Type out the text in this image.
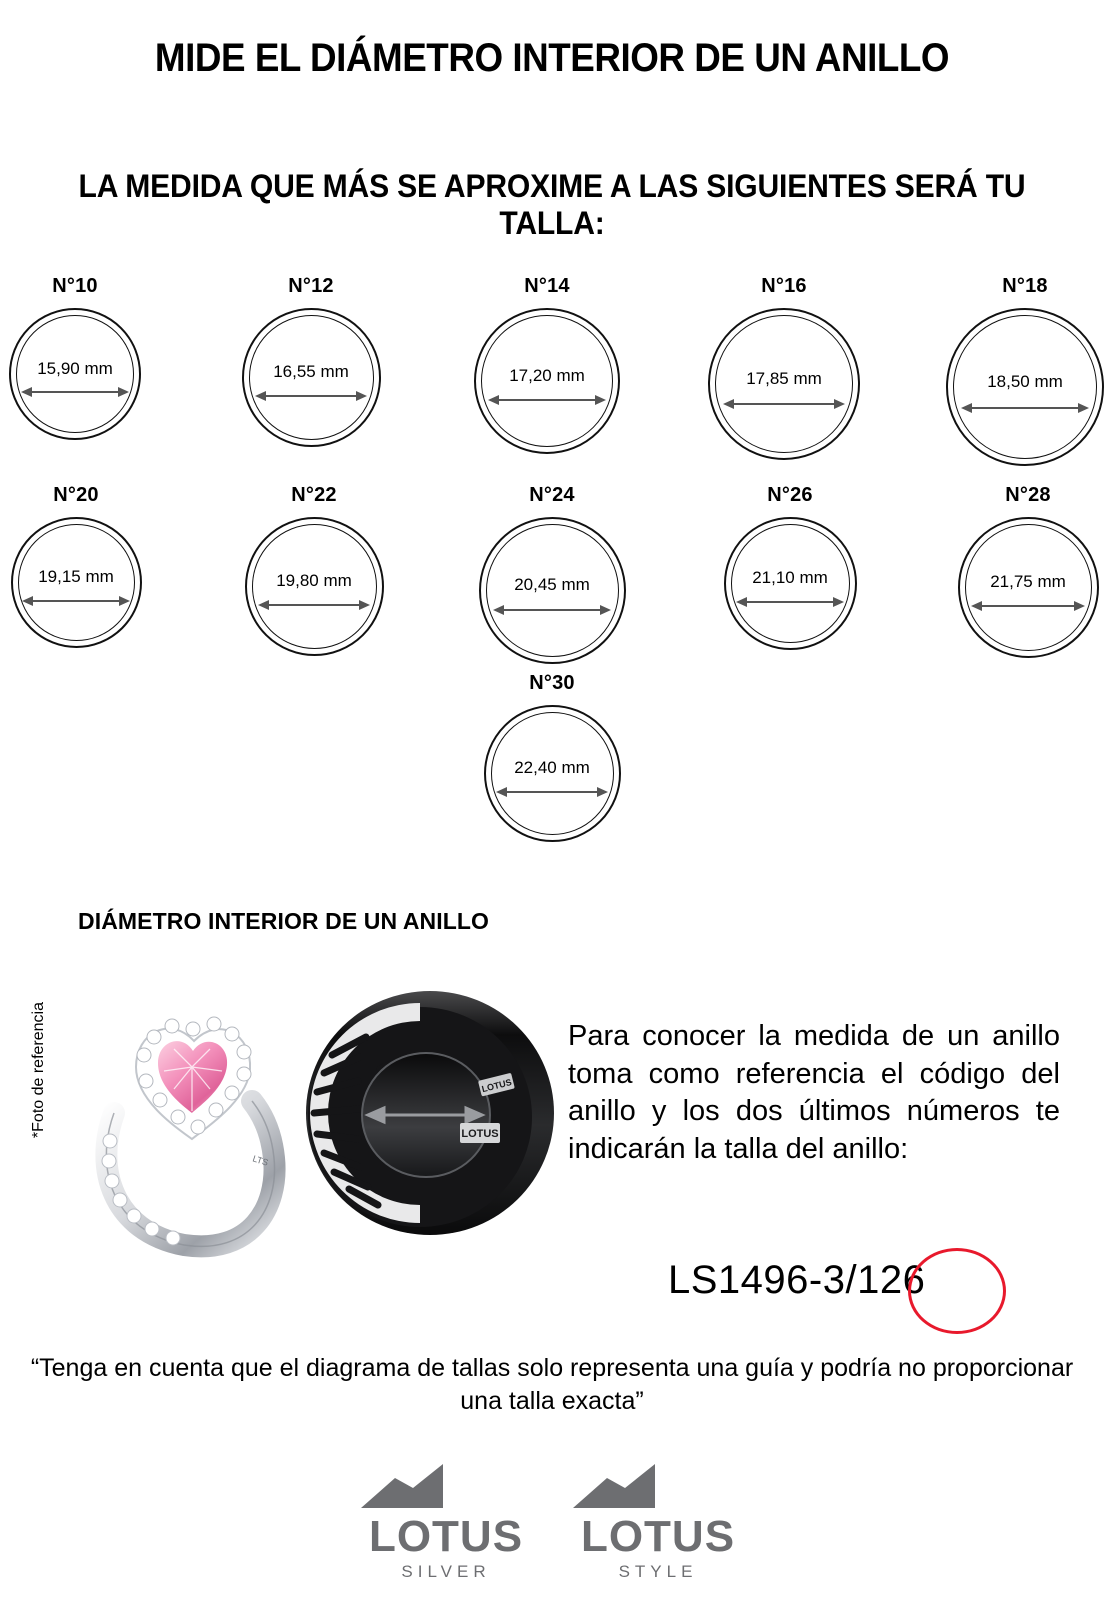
MIDE EL DIÁMETRO INTERIOR DE UN ANILLO
LA MEDIDA QUE MÁS SE APROXIME A LAS SIGUIENTES SERÁ TU TALLA:
N°10
15,90 mm
N°12
16,55 mm
N°14
17,20 mm
N°16
17,85 mm
N°18
18,50 mm
N°20
19,15 mm
N°22
19,80 mm
N°24
20,45 mm
N°26
21,10 mm
N°28
21,75 mm
N°30
22,40 mm
DIÁMETRO INTERIOR DE UN ANILLO
*Foto de referencia
LTS
LOTUS
LOTUS
Para conocer la medida de un anillo toma como referencia el código del anillo y los dos últimos números te indicarán la talla del anillo:
LS1496-3/126
“Tenga en cuenta que el diagrama de tallas solo representa una guía y podría no proporcionar una talla exacta”
LOTUS
SILVER
LOTUS
STYLE
